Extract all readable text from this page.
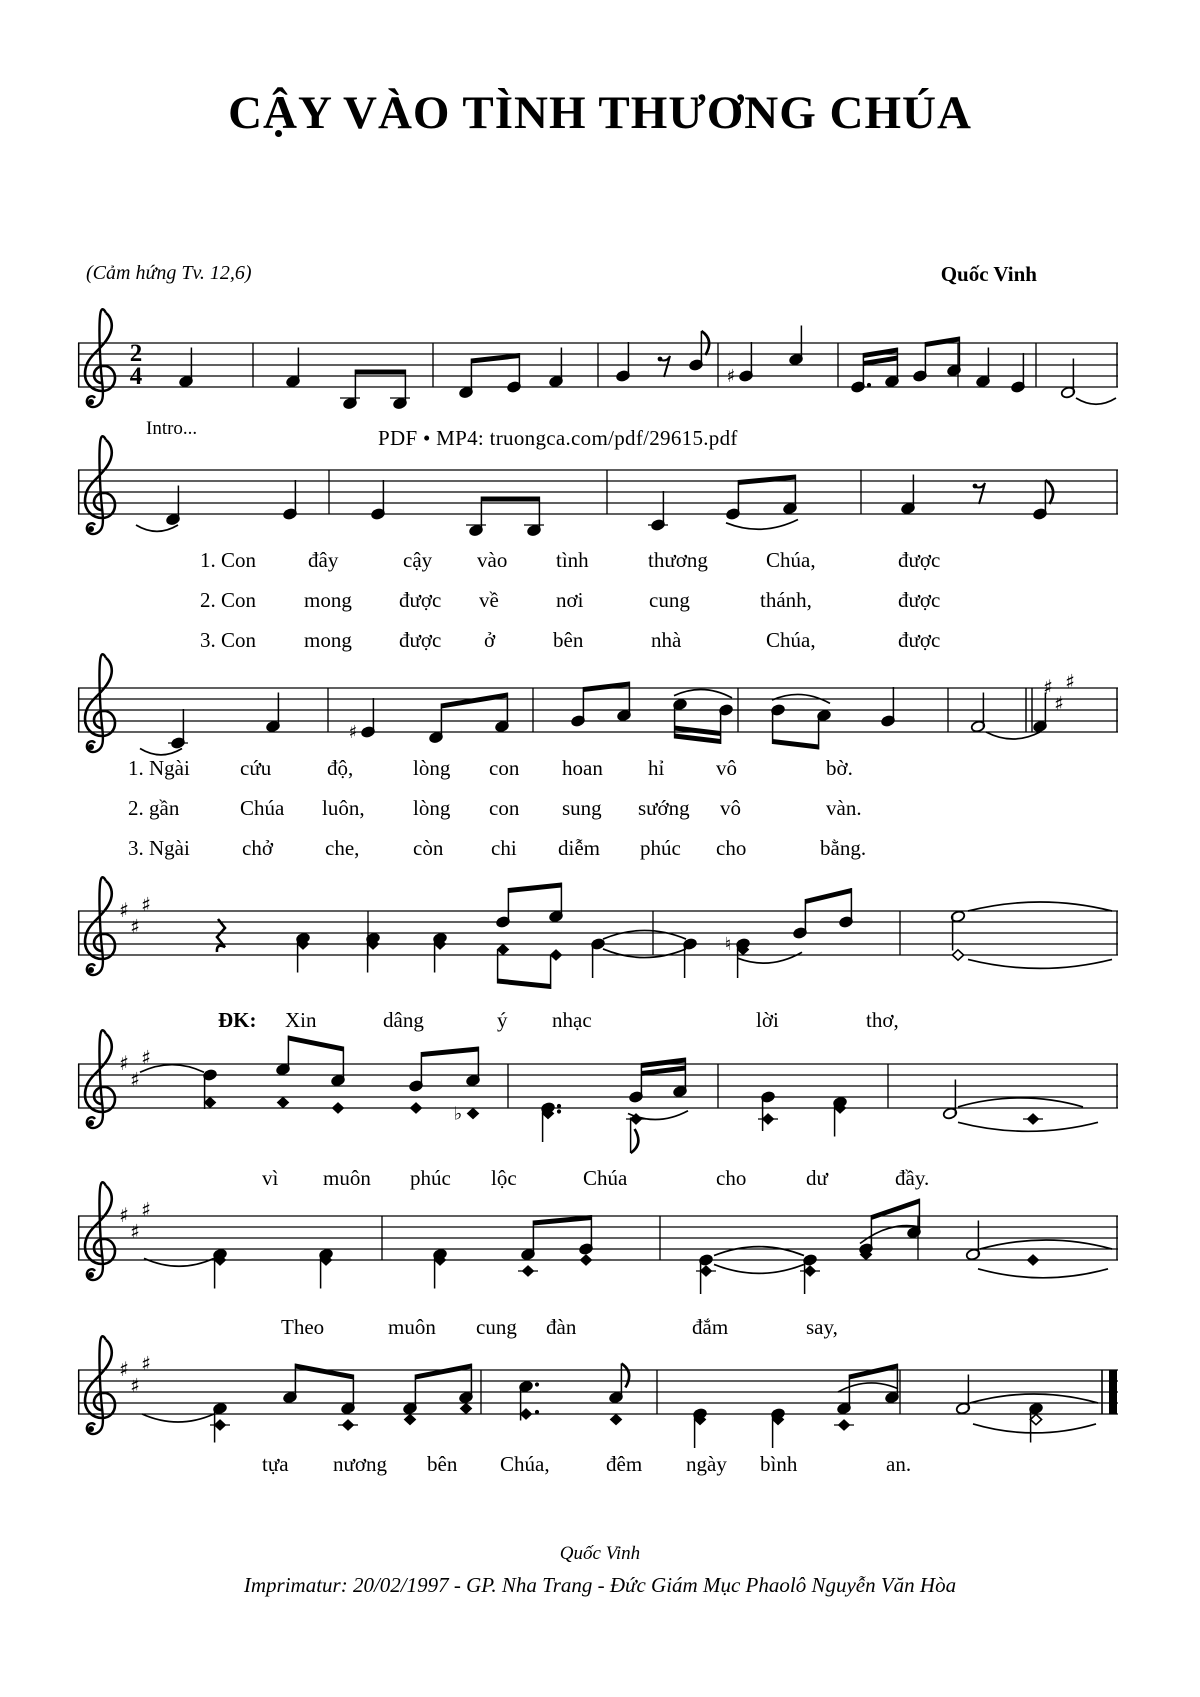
CẬY VÀO TÌNH THƯƠNG CHÚA
(Cảm hứng Tv. 12,6)	Quốc Vinh
Intro...	PDF • MP4: truongca.com/pdf/29615.pdf
2
4	♯
♯
♯
♯
♯
♯
♯
♯
♮
♯
♯
♯
♭
♯
♯
♯
♯
♯
♯
1. Con đây	cậy vào tình	thương	Chúa,	được
2. Con mong được về	nơi	cung	thánh,	được
3. Con mong được ở	bên	nhà	Chúa,	được
1. Ngài cứu	độ,	lòng con hoan hỉ vô	bờ.
2. gần	Chúa luôn, lòng con sung sướng vô	vàn.
3. Ngài chở che,	còn chi diễm phúc cho	bằng.
ĐK: Xin	dâng	ý nhạc	lời	thơ,
vì muôn phúc lộc	Chúa	cho	dư	đầy.
Theo	muôn cung đàn	đắm	say,
tựa nương bên Chúa,	đêm ngày bình	an.
Quốc Vinh
Imprimatur: 20/02/1997 - GP. Nha Trang - Đức Giám Mục Phaolô Nguyễn Văn Hòa
